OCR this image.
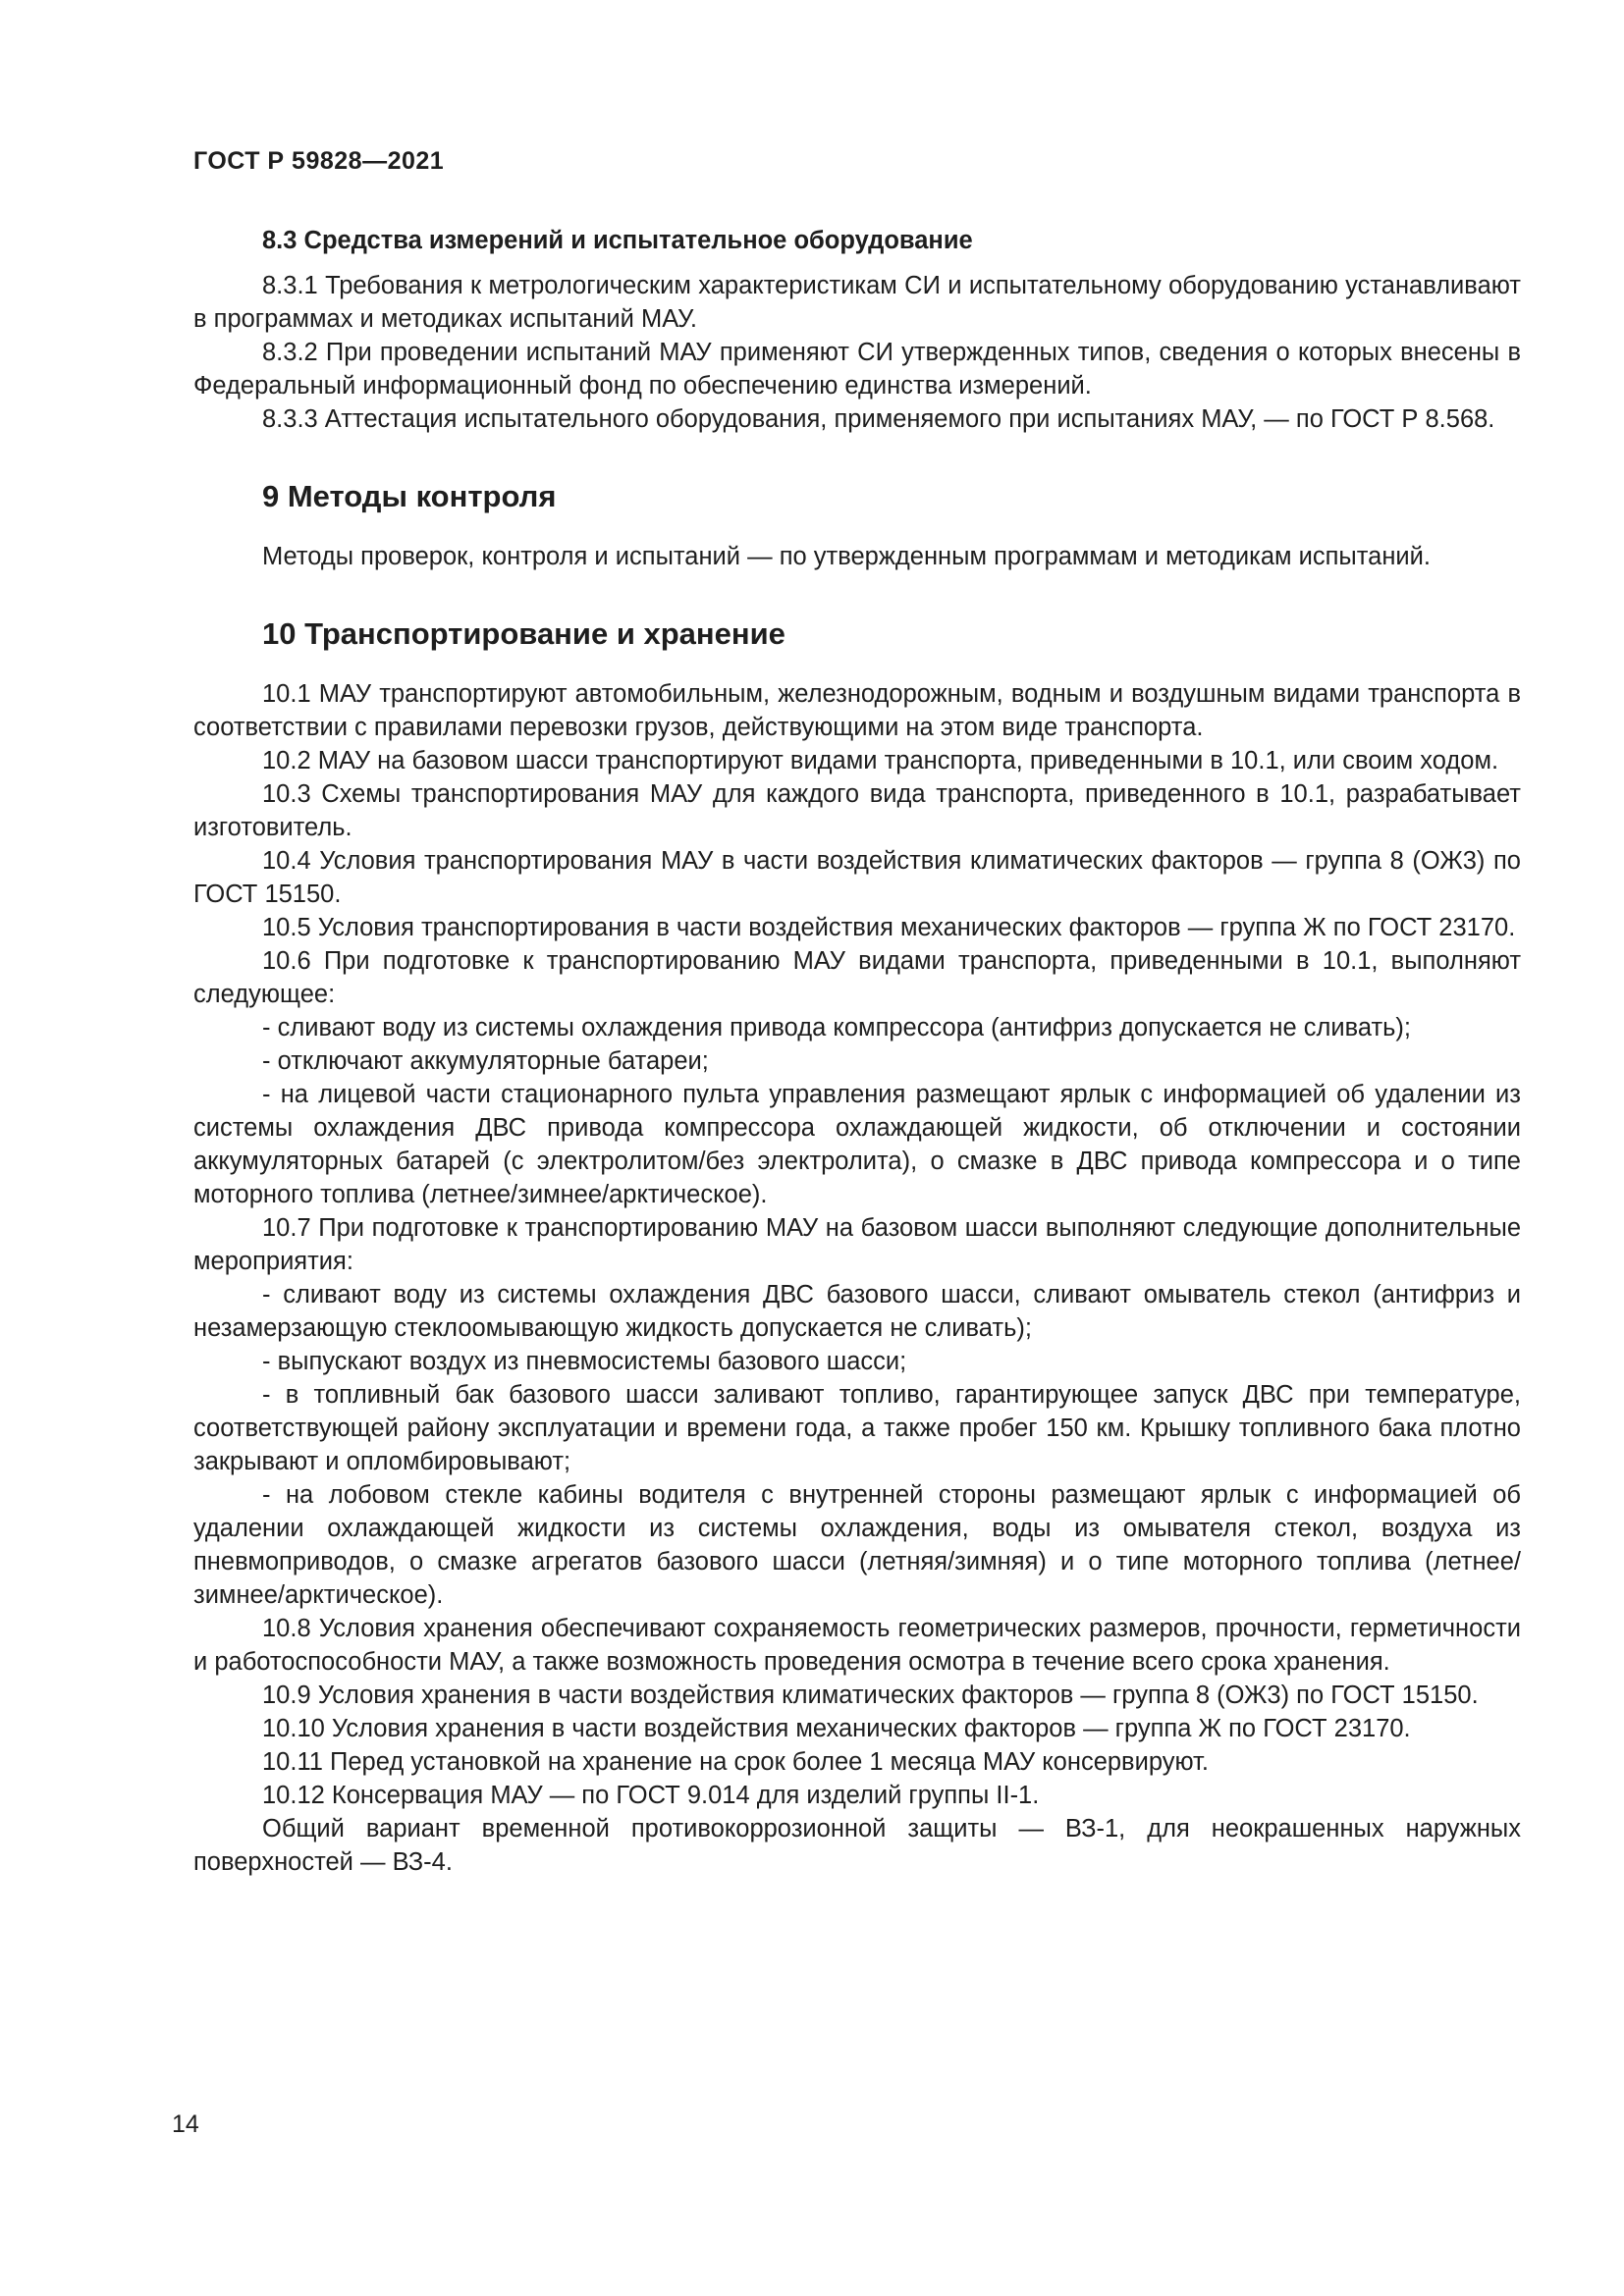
ГОСТ Р 59828—2021

8.3 Средства измерений и испытательное оборудование

8.3.1 Требования к метрологическим характеристикам СИ и испытательному оборудованию устанавливают в программах и методиках испытаний МАУ.

8.3.2 При проведении испытаний МАУ применяют СИ утвержденных типов, сведения о которых внесены в Федеральный информационный фонд по обеспечению единства измерений.

8.3.3 Аттестация испытательного оборудования, применяемого при испытаниях МАУ, — по ГОСТ Р 8.568.

9 Методы контроля

Методы проверок, контроля и испытаний — по утвержденным программам и методикам испытаний.

10 Транспортирование и хранение

10.1 МАУ транспортируют автомобильным, железнодорожным, водным и воздушным видами транспорта в соответствии с правилами перевозки грузов, действующими на этом виде транспорта.

10.2 МАУ на базовом шасси транспортируют видами транспорта, приведенными в 10.1, или своим ходом.

10.3 Схемы транспортирования МАУ для каждого вида транспорта, приведенного в 10.1, разрабатывает изготовитель.

10.4 Условия транспортирования МАУ в части воздействия климатических факторов — группа 8 (ОЖ3) по ГОСТ 15150.

10.5 Условия транспортирования в части воздействия механических факторов — группа Ж по ГОСТ 23170.

10.6 При подготовке к транспортированию МАУ видами транспорта, приведенными в 10.1, выполняют следующее:

- сливают воду из системы охлаждения привода компрессора (антифриз допускается не сливать);

- отключают аккумуляторные батареи;

- на лицевой части стационарного пульта управления размещают ярлык с информацией об удалении из системы охлаждения ДВС привода компрессора охлаждающей жидкости, об отключении и состоянии аккумуляторных батарей (с электролитом/без электролита), о смазке в ДВС привода компрессора и о типе моторного топлива (летнее/зимнее/арктическое).

10.7 При подготовке к транспортированию МАУ на базовом шасси выполняют следующие дополнительные мероприятия:

- сливают воду из системы охлаждения ДВС базового шасси, сливают омыватель стекол (антифриз и незамерзающую стеклоомывающую жидкость допускается не сливать);

- выпускают воздух из пневмосистемы базового шасси;

- в топливный бак базового шасси заливают топливо, гарантирующее запуск ДВС при температуре, соответствующей району эксплуатации и времени года, а также пробег 150 км. Крышку топливного бака плотно закрывают и опломбировывают;

- на лобовом стекле кабины водителя с внутренней стороны размещают ярлык с информацией об удалении охлаждающей жидкости из системы охлаждения, воды из омывателя стекол, воздуха из пневмоприводов, о смазке агрегатов базового шасси (летняя/зимняя) и о типе моторного топлива (летнее/зимнее/арктическое).

10.8 Условия хранения обеспечивают сохраняемость геометрических размеров, прочности, герметичности и работоспособности МАУ, а также возможность проведения осмотра в течение всего срока хранения.

10.9 Условия хранения в части воздействия климатических факторов — группа 8 (ОЖ3) по ГОСТ 15150.

10.10 Условия хранения в части воздействия механических факторов — группа Ж по ГОСТ 23170.

10.11 Перед установкой на хранение на срок более 1 месяца МАУ консервируют.

10.12 Консервация МАУ — по ГОСТ 9.014 для изделий группы II-1.

Общий вариант временной противокоррозионной защиты — ВЗ-1, для неокрашенных наружных поверхностей — ВЗ-4.

14
